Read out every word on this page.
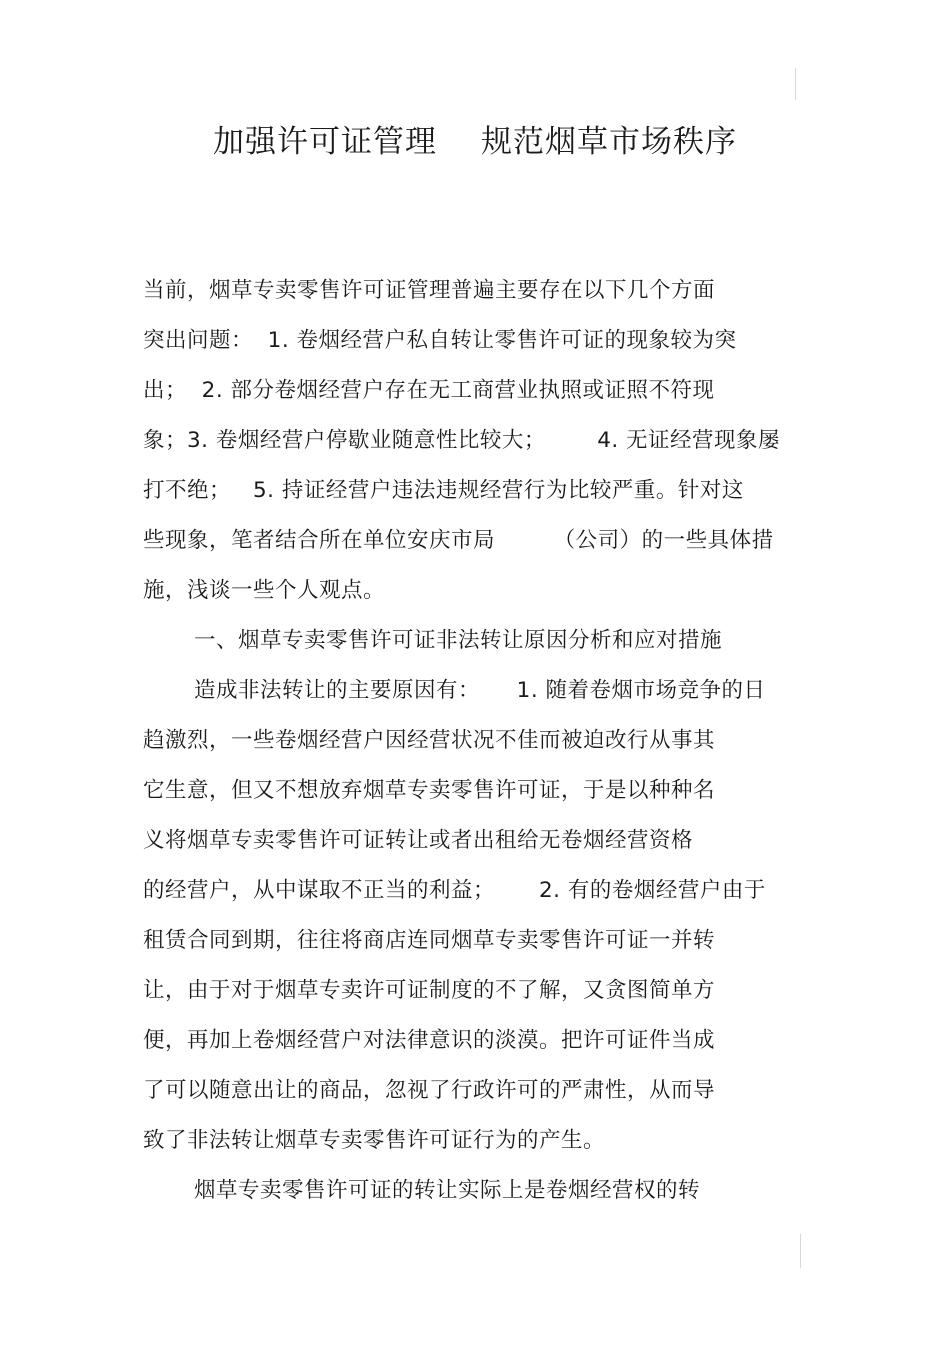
加强许可证管理 规范烟草市场秩序
当前，烟草专卖零售许可证管理普遍主要存在以下几个方面
突出问题：  1. 卷烟经营户私自转让零售许可证的现象较为突
出；  2. 部分卷烟经营户存在无工商营业执照或证照不符现
象；3. 卷烟经营户停歇业随意性比较大；       4. 无证经营现象屡
打不绝；   5. 持证经营户违法违规经营行为比较严重。针对这
些现象，笔者结合所在单位安庆市局        （公司）的一些具体措
施，浅谈一些个人观点。
一、烟草专卖零售许可证非法转让原因分析和应对措施
造成非法转让的主要原因有：     1. 随着卷烟市场竞争的日
趋激烈，一些卷烟经营户因经营状况不佳而被迫改行从事其
它生意，但又不想放弃烟草专卖零售许可证，于是以种种名
义将烟草专卖零售许可证转让或者出租给无卷烟经营资格
的经营户，从中谋取不正当的利益；      2. 有的卷烟经营户由于
租赁合同到期，往往将商店连同烟草专卖零售许可证一并转
让，由于对于烟草专卖许可证制度的不了解，又贪图简单方
便，再加上卷烟经营户对法律意识的淡漠。把许可证件当成
了可以随意出让的商品，忽视了行政许可的严肃性，从而导
致了非法转让烟草专卖零售许可证行为的产生。
烟草专卖零售许可证的转让实际上是卷烟经营权的转
